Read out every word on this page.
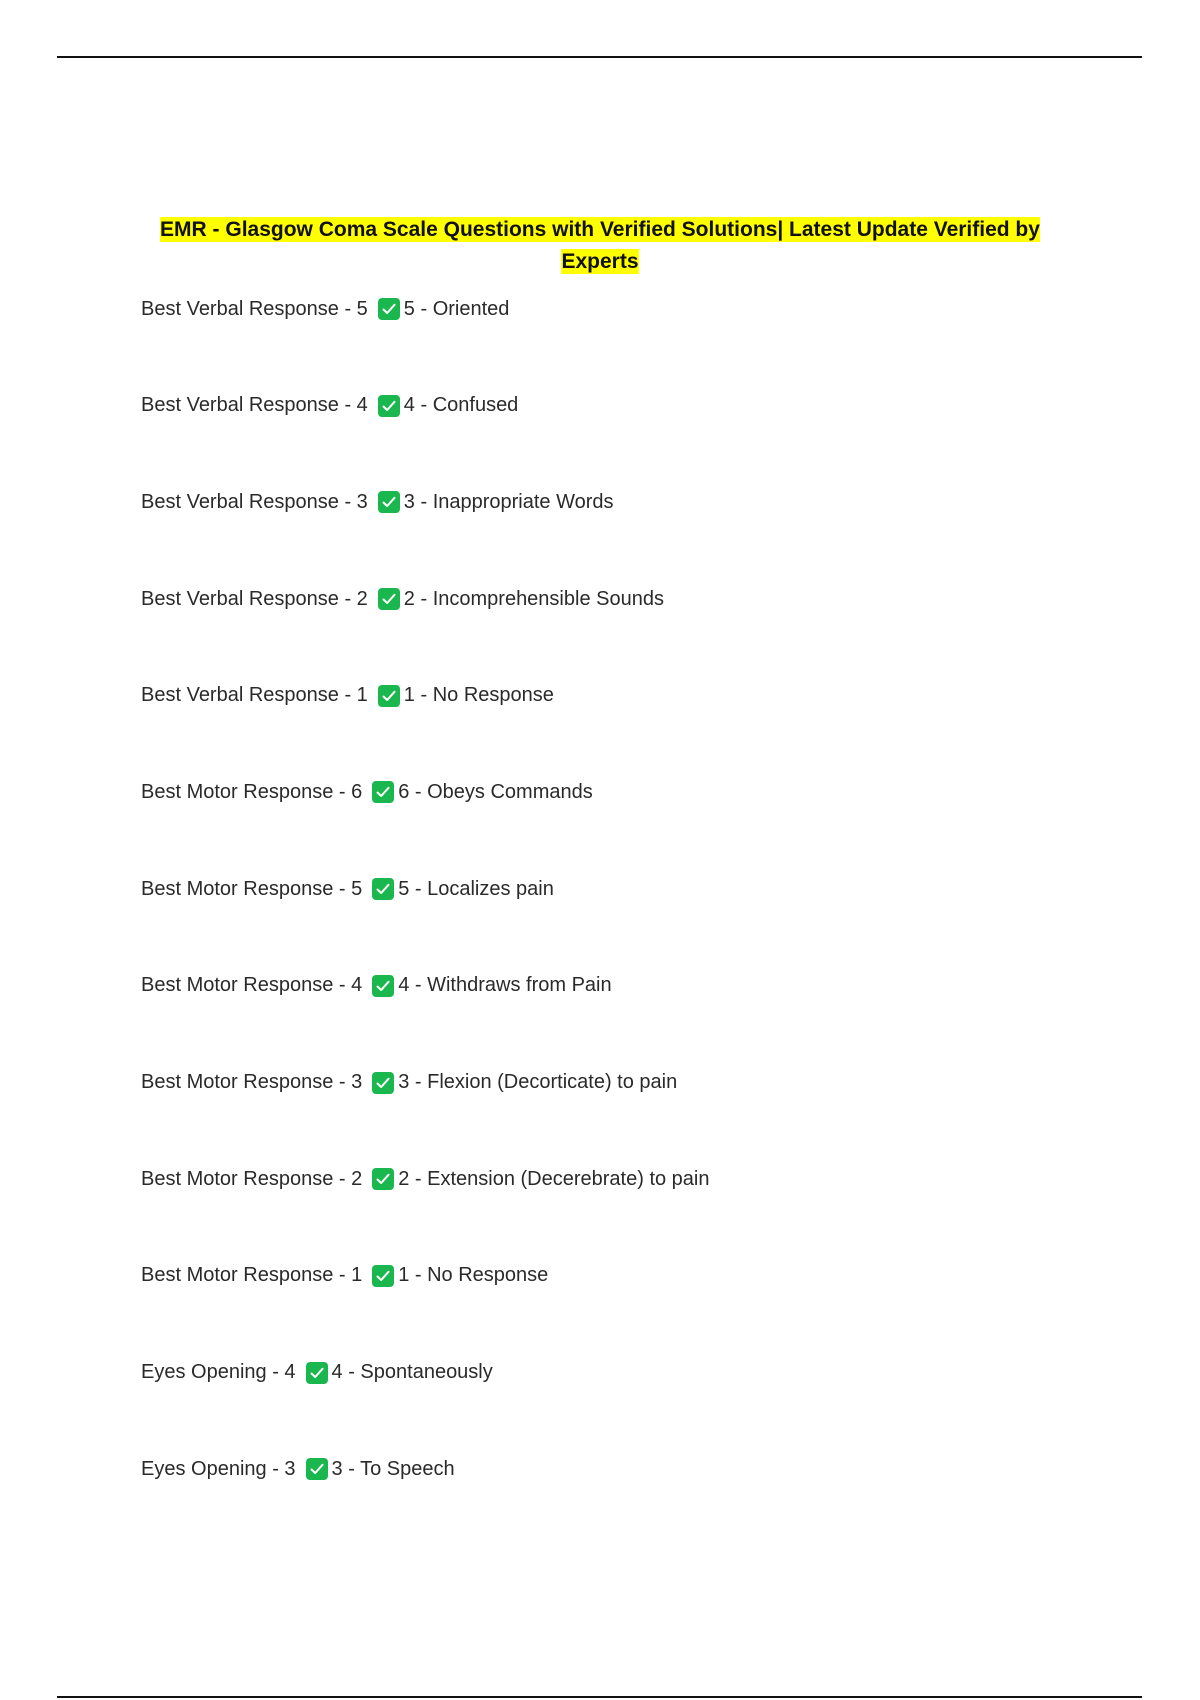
EMR - Glasgow Coma Scale Questions with Verified Solutions| Latest Update Verified by Experts
Best Verbal Response - 5 5 - Oriented
Best Verbal Response - 4 4 - Confused
Best Verbal Response - 3 3 - Inappropriate Words
Best Verbal Response - 2 2 - Incomprehensible Sounds
Best Verbal Response - 1 1 - No Response
Best Motor Response - 6 6 - Obeys Commands
Best Motor Response - 5 5 - Localizes pain
Best Motor Response - 4 4 - Withdraws from Pain
Best Motor Response - 3 3 - Flexion (Decorticate) to pain
Best Motor Response - 2 2 - Extension (Decerebrate) to pain
Best Motor Response - 1 1 - No Response
Eyes Opening - 4 4 - Spontaneously
Eyes Opening - 3 3 - To Speech
